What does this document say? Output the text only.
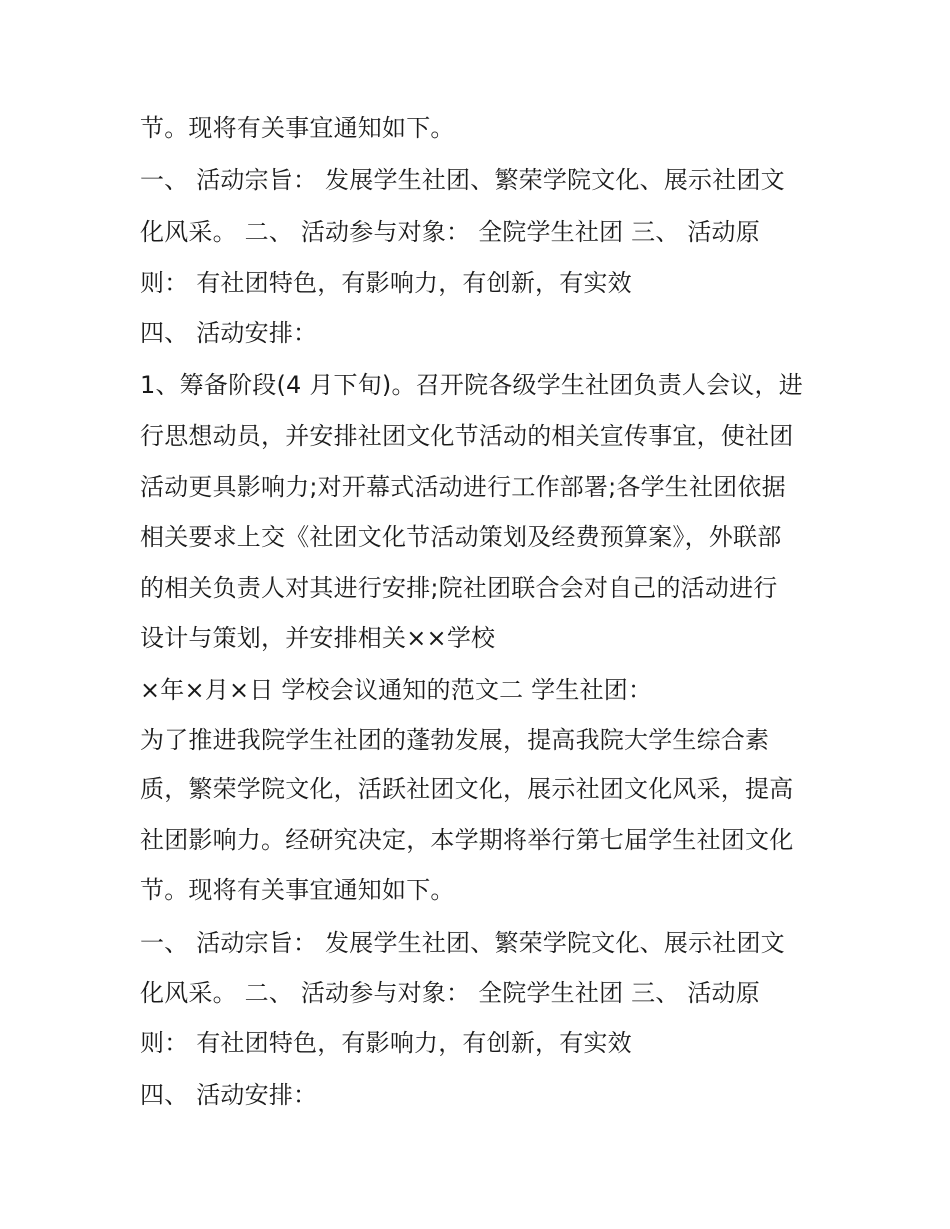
节。现将有关事宜通知如下。
一、 活动宗旨： 发展学生社团、繁荣学院文化、展示社团文
化风采。 二、 活动参与对象： 全院学生社团 三、 活动原
则： 有社团特色，有影响力，有创新，有实效
四、 活动安排：
1、筹备阶段(4 月下旬)。召开院各级学生社团负责人会议，进
行思想动员，并安排社团文化节活动的相关宣传事宜，使社团
活动更具影响力;对开幕式活动进行工作部署;各学生社团依据
相关要求上交《社团文化节活动策划及经费预算案》，外联部
的相关负责人对其进行安排;院社团联合会对自己的活动进行
设计与策划，并安排相关××学校
×年×月×日 学校会议通知的范文二 学生社团：
为了推进我院学生社团的蓬勃发展，提高我院大学生综合素
质，繁荣学院文化，活跃社团文化，展示社团文化风采，提高
社团影响力。经研究决定，本学期将举行第七届学生社团文化
节。现将有关事宜通知如下。
一、 活动宗旨： 发展学生社团、繁荣学院文化、展示社团文
化风采。 二、 活动参与对象： 全院学生社团 三、 活动原
则： 有社团特色，有影响力，有创新，有实效
四、 活动安排：
